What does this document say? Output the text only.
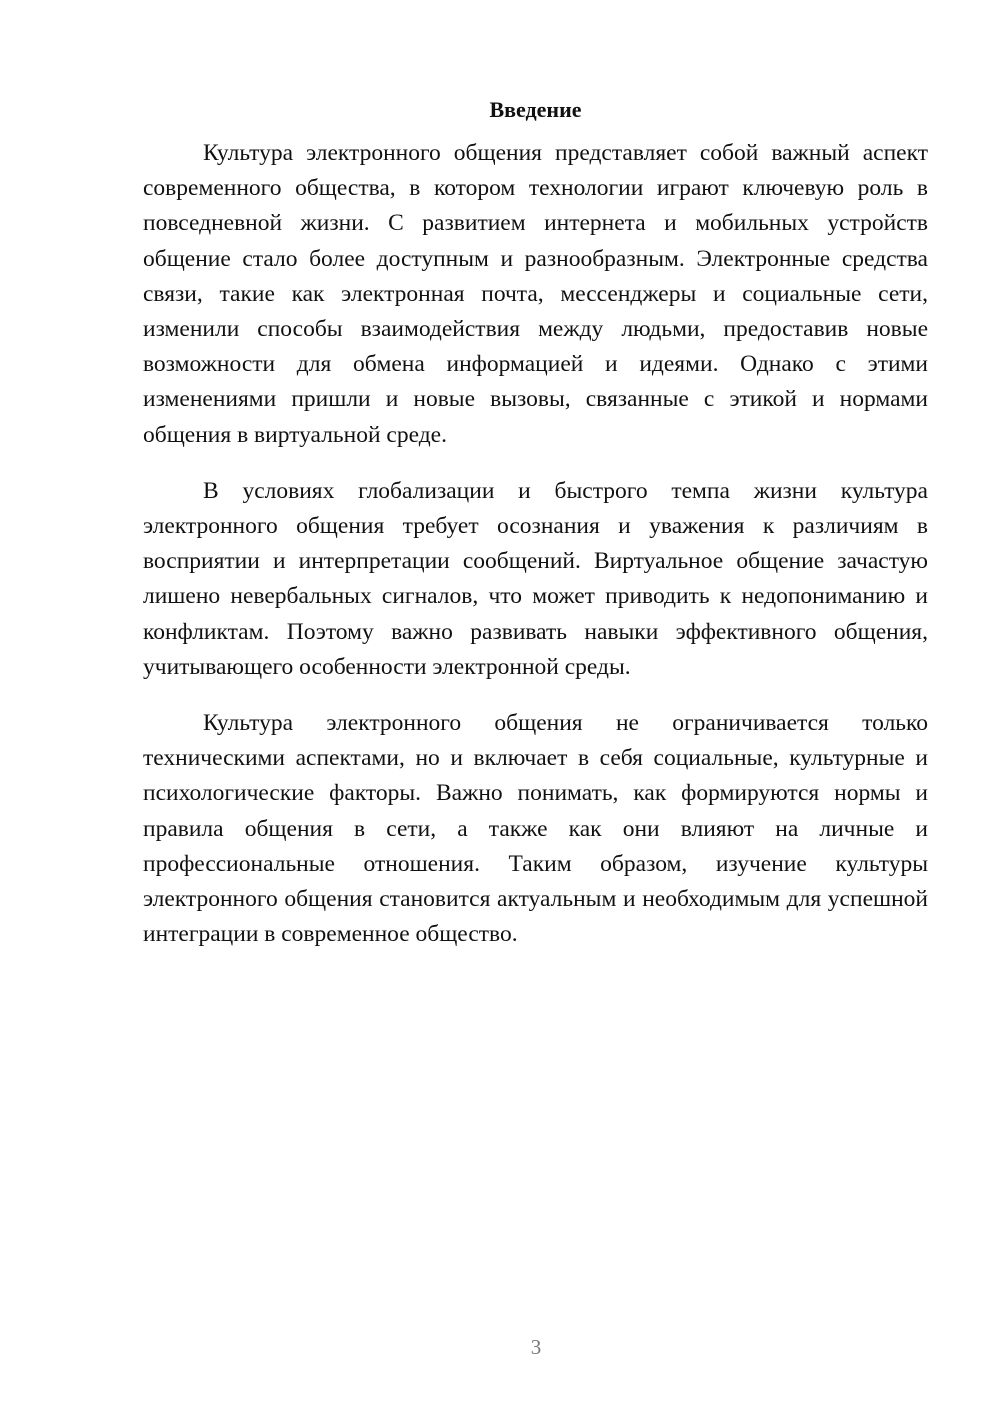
Введение

Культура электронного общения представляет собой важный аспект современного общества, в котором технологии играют ключевую роль в повседневной жизни. С развитием интернета и мобильных устройств общение стало более доступным и разнообразным. Электронные средства связи, такие как электронная почта, мессенджеры и социальные сети, изменили способы взаимодействия между людьми, предоставив новые возможности для обмена информацией и идеями. Однако с этими изменениями пришли и новые вызовы, связанные с этикой и нормами общения в виртуальной среде.

В условиях глобализации и быстрого темпа жизни культура электронного общения требует осознания и уважения к различиям в восприятии и интерпретации сообщений. Виртуальное общение зачастую лишено невербальных сигналов, что может приводить к недопониманию и конфликтам. Поэтому важно развивать навыки эффективного общения, учитывающего особенности электронной среды.

Культура электронного общения не ограничивается только техническими аспектами, но и включает в себя социальные, культурные и психологические факторы. Важно понимать, как формируются нормы и правила общения в сети, а также как они влияют на личные и профессиональные отношения. Таким образом, изучение культуры электронного общения становится актуальным и необходимым для успешной интеграции в современное общество.

3
